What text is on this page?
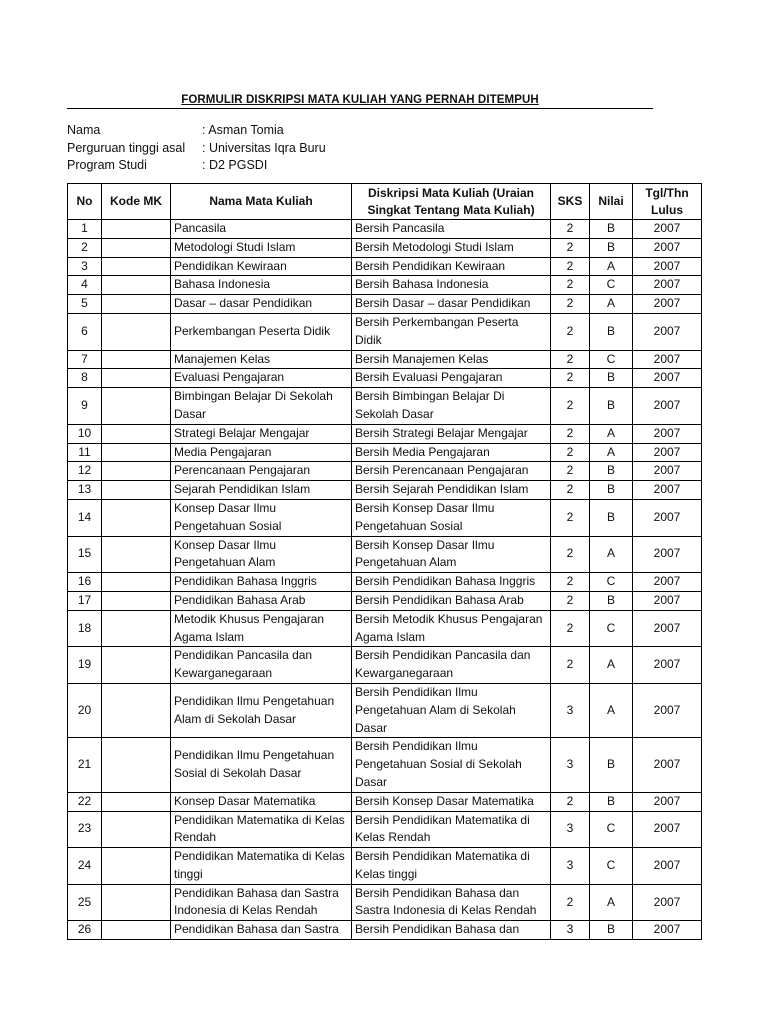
FORMULIR DISKRIPSI MATA KULIAH YANG PERNAH DITEMPUH
Nama	: Asman Tomia
Perguruan tinggi asal	: Universitas Iqra Buru
Program Studi	: D2 PGSDI
No	Kode MK	Nama Mata Kuliah	Diskripsi Mata Kuliah (Uraian Singkat Tentang Mata Kuliah)	SKS	Nilai	Tgl/Thn Lulus
1		Pancasila	Bersih Pancasila	2	B	2007
2		Metodologi Studi Islam	Bersih Metodologi Studi Islam	2	B	2007
3		Pendidikan Kewiraan	Bersih Pendidikan Kewiraan	2	A	2007
4		Bahasa Indonesia	Bersih Bahasa Indonesia	2	C	2007
5		Dasar – dasar Pendidikan	Bersih Dasar – dasar Pendidikan	2	A	2007
6		Perkembangan Peserta Didik	Bersih Perkembangan Peserta Didik	2	B	2007
7		Manajemen Kelas	Bersih Manajemen Kelas	2	C	2007
8		Evaluasi Pengajaran	Bersih Evaluasi Pengajaran	2	B	2007
9		Bimbingan Belajar Di Sekolah Dasar	Bersih Bimbingan Belajar Di Sekolah Dasar	2	B	2007
10		Strategi Belajar Mengajar	Bersih Strategi Belajar Mengajar	2	A	2007
11		Media Pengajaran	Bersih Media Pengajaran	2	A	2007
12		Perencanaan Pengajaran	Bersih Perencanaan Pengajaran	2	B	2007
13		Sejarah Pendidikan Islam	Bersih Sejarah Pendidikan Islam	2	B	2007
14		Konsep Dasar Ilmu Pengetahuan Sosial	Bersih Konsep Dasar Ilmu Pengetahuan Sosial	2	B	2007
15		Konsep Dasar Ilmu Pengetahuan Alam	Bersih Konsep Dasar Ilmu Pengetahuan Alam	2	A	2007
16		Pendidikan Bahasa Inggris	Bersih Pendidikan Bahasa Inggris	2	C	2007
17		Pendidikan Bahasa Arab	Bersih Pendidikan Bahasa Arab	2	B	2007
18		Metodik Khusus Pengajaran Agama Islam	Bersih Metodik Khusus Pengajaran Agama Islam	2	C	2007
19		Pendidikan Pancasila dan Kewarganegaraan	Bersih Pendidikan Pancasila dan Kewarganegaraan	2	A	2007
20		Pendidikan Ilmu Pengetahuan Alam di Sekolah Dasar	Bersih Pendidikan Ilmu Pengetahuan Alam di Sekolah Dasar	3	A	2007
21		Pendidikan Ilmu Pengetahuan Sosial di Sekolah Dasar	Bersih Pendidikan Ilmu Pengetahuan Sosial di Sekolah Dasar	3	B	2007
22		Konsep Dasar Matematika	Bersih Konsep Dasar Matematika	2	B	2007
23		Pendidikan Matematika di Kelas Rendah	Bersih Pendidikan Matematika di Kelas Rendah	3	C	2007
24		Pendidikan Matematika di Kelas tinggi	Bersih Pendidikan Matematika di Kelas tinggi	3	C	2007
25		Pendidikan Bahasa dan Sastra Indonesia di Kelas Rendah	Bersih Pendidikan Bahasa dan Sastra Indonesia di Kelas Rendah	2	A	2007
26		Pendidikan Bahasa dan Sastra	Bersih Pendidikan Bahasa dan	3	B	2007
